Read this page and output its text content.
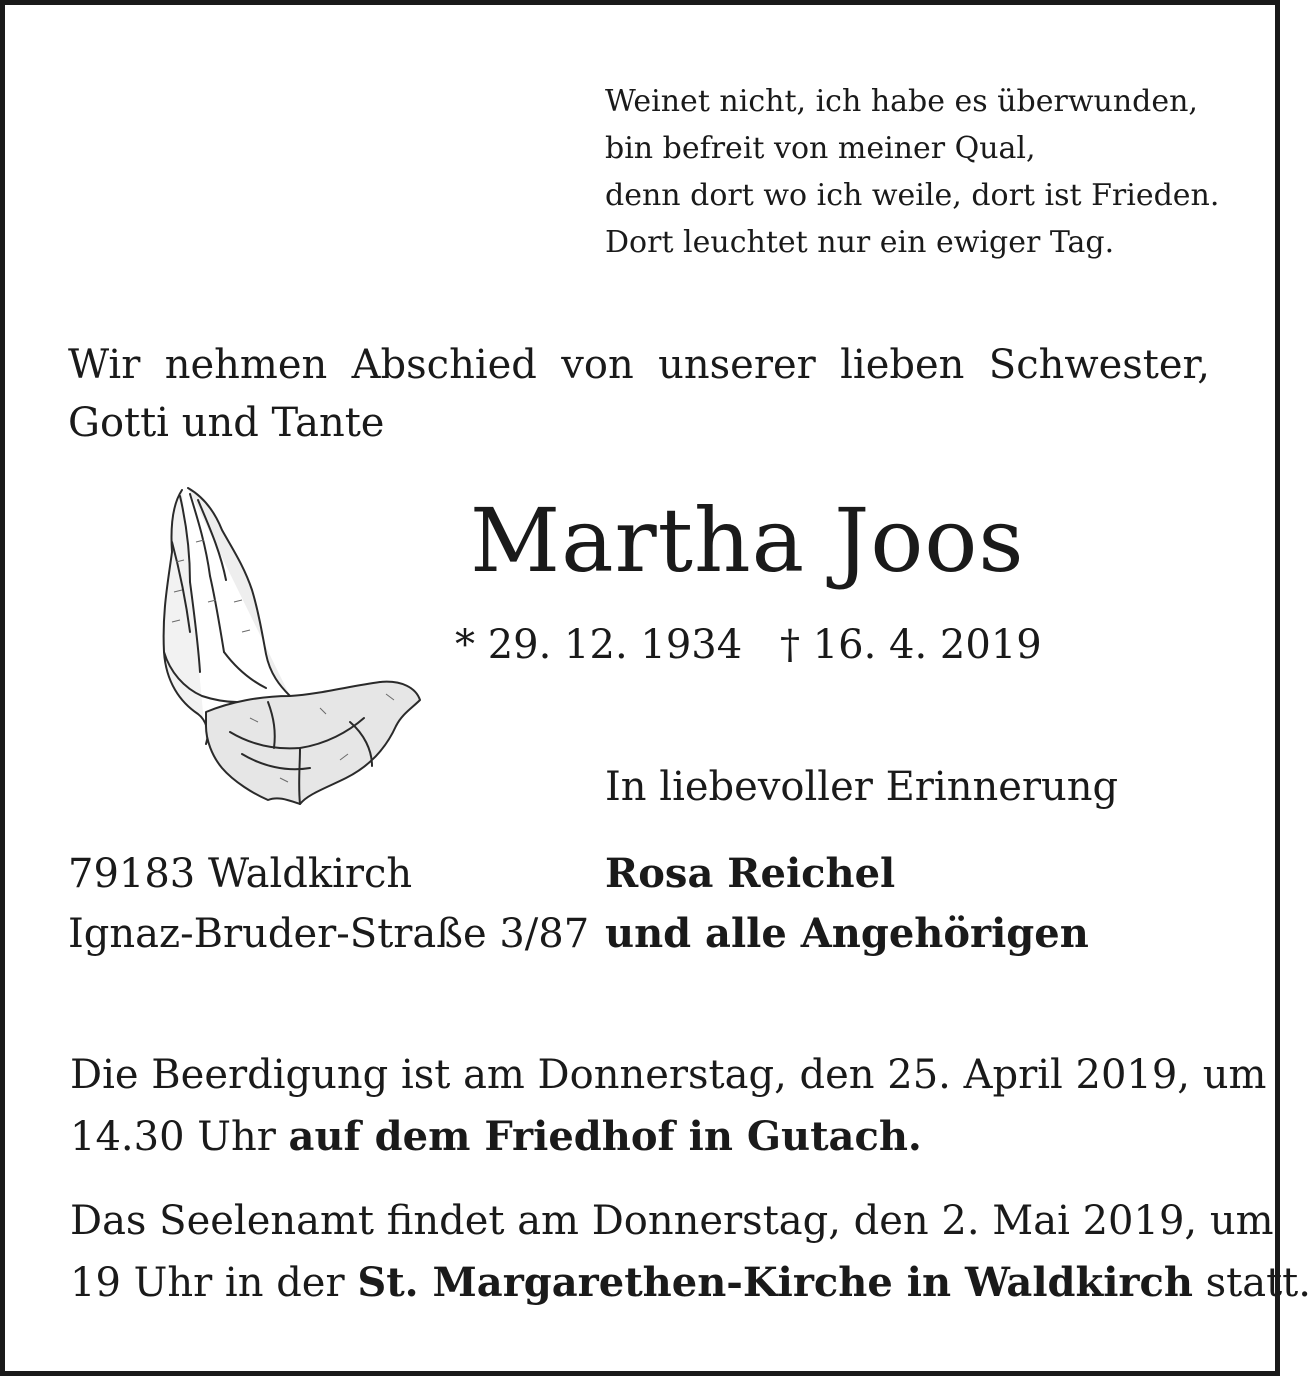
Weinet nicht, ich habe es überwunden,
bin befreit von meiner Qual,
denn dort wo ich weile, dort ist Frieden.
Dort leuchtet nur ein ewiger Tag.

Wir nehmen Abschied von unserer lieben Schwester, Gotti und Tante

Martha Joos
* 29. 12. 1934 † 16. 4. 2019
In liebevoller Erinnerung
79183 Waldkirch
Ignaz-Bruder-Straße 3/87
Rosa Reichel
und alle Angehörigen
Die Beerdigung ist am Donnerstag, den 25. April 2019, um
14.30 Uhr auf dem Friedhof in Gutach.
Das Seelenamt findet am Donnerstag, den 2. Mai 2019, um
19 Uhr in der St. Margarethen-Kirche in Waldkirch statt.
